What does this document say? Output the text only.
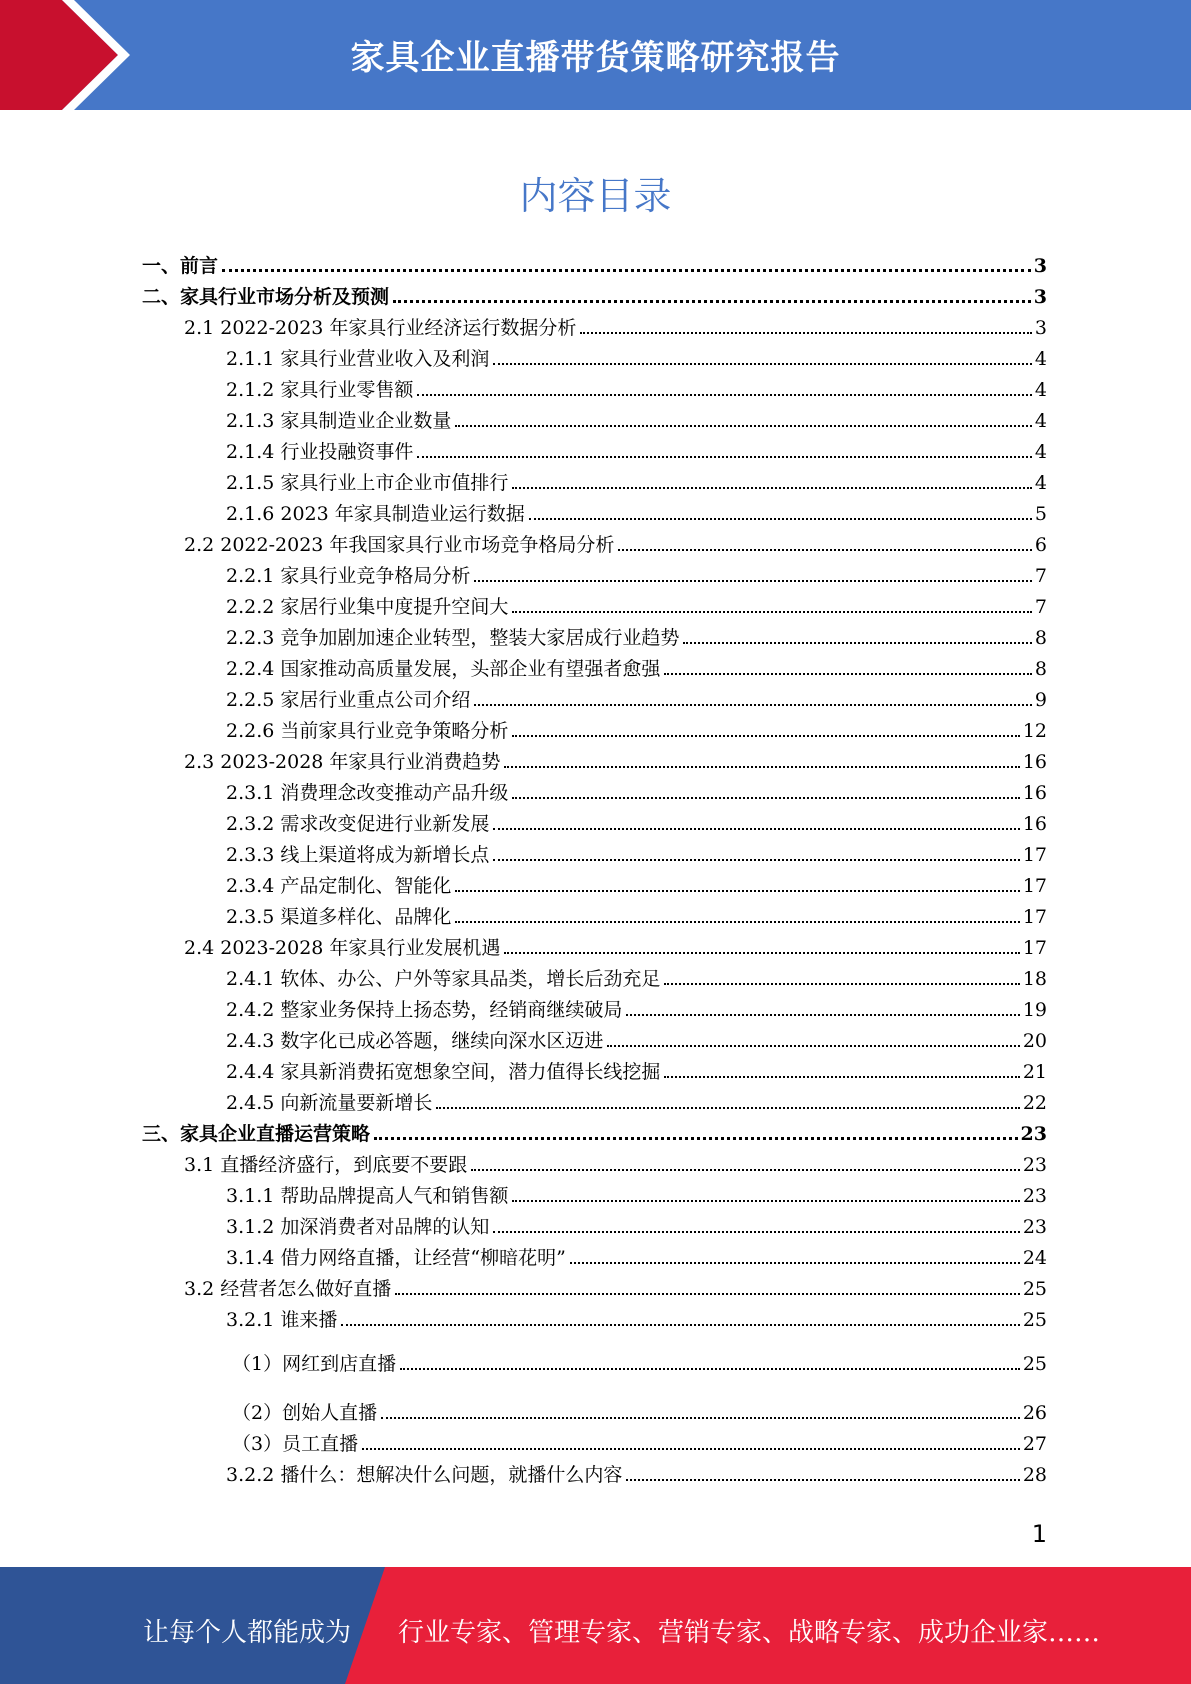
家具企业直播带货策略研究报告
内容目录
一、前言	3
二、家具行业市场分析及预测	3
2.1 2022-2023 年家具行业经济运行数据分析	3
2.1.1 家具行业营业收入及利润	4
2.1.2 家具行业零售额	4
2.1.3 家具制造业企业数量	4
2.1.4 行业投融资事件	4
2.1.5 家具行业上市企业市值排行	4
2.1.6 2023 年家具制造业运行数据	5
2.2 2022-2023 年我国家具行业市场竞争格局分析	6
2.2.1 家具行业竞争格局分析	7
2.2.2 家居行业集中度提升空间大	7
2.2.3 竞争加剧加速企业转型，整装大家居成行业趋势	8
2.2.4 国家推动高质量发展，头部企业有望强者愈强	8
2.2.5 家居行业重点公司介绍	9
2.2.6 当前家具行业竞争策略分析	12
2.3 2023-2028 年家具行业消费趋势	16
2.3.1 消费理念改变推动产品升级	16
2.3.2 需求改变促进行业新发展	16
2.3.3 线上渠道将成为新增长点	17
2.3.4 产品定制化、智能化	17
2.3.5 渠道多样化、品牌化	17
2.4 2023-2028 年家具行业发展机遇	17
2.4.1 软体、办公、户外等家具品类，增长后劲充足	18
2.4.2 整家业务保持上扬态势，经销商继续破局	19
2.4.3 数字化已成必答题，继续向深水区迈进	20
2.4.4 家具新消费拓宽想象空间，潜力值得长线挖掘	21
2.4.5 向新流量要新增长	22
三、家具企业直播运营策略	23
3.1 直播经济盛行，到底要不要跟	23
3.1.1 帮助品牌提高人气和销售额	23
3.1.2 加深消费者对品牌的认知	23
3.1.4 借力网络直播，让经营“柳暗花明”	24
3.2 经营者怎么做好直播	25
3.2.1 谁来播	25
（1）网红到店直播	25
（2）创始人直播	26
（3）员工直播	27
3.2.2 播什么：想解决什么问题，就播什么内容	28
1
让每个人都能成为 行业专家、管理专家、营销专家、战略专家、成功企业家……
